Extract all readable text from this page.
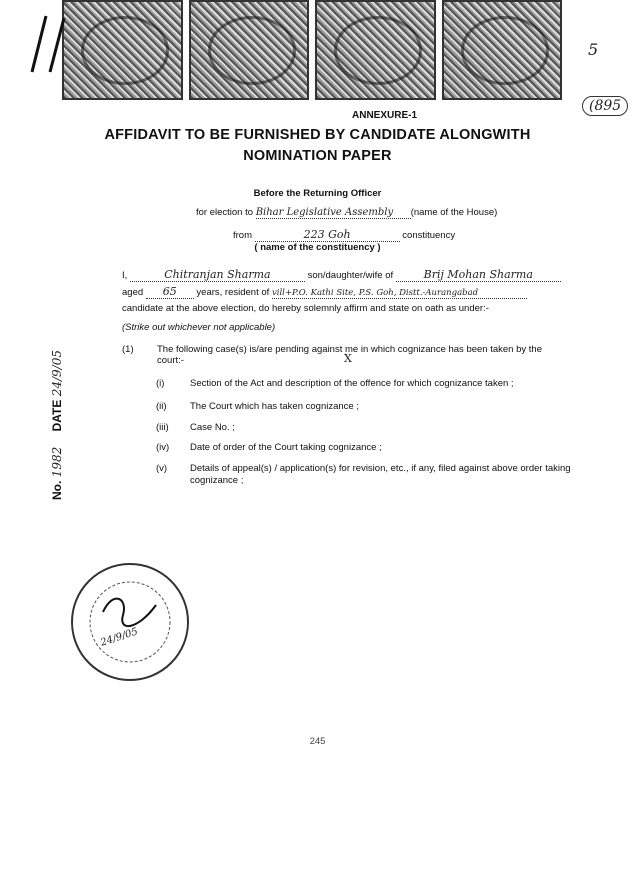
5
(895
ANNEXURE-1
AFFIDAVIT TO BE FURNISHED BY CANDIDATE ALONGWITH
NOMINATION PAPER
Before the Returning Officer
for election to Bihar Legislative Assembly (name of the House)
from	223 Goh	constituency
( name of the constituency )
I,	Chitranjan Sharma	son/daughter/wife of	Brij Mohan Sharma
aged 65 years, resident of vill+P.O. Kathi Site, P.S. Goh, Distt.-Aurangabad
candidate at the above election, do hereby solemnly affirm and state on oath as under:-
(Strike out whichever not applicable)
(1) The following case(s) is/are pending against me in which cognizance has been taken by the
court:-	X
(i)	Section of the Act and description of the offence for which cognizance taken ;
(ii) The Court which has taken cognizance ;
(iii) Case No. ;
(iv) Date of order of the Court taking cognizance ;
(v) Details of appeal(s) / application(s) for revision, etc., if any, filed against above order taking cognizance ;
No. 1982 DATE 24/9/05
24/9/05
245
